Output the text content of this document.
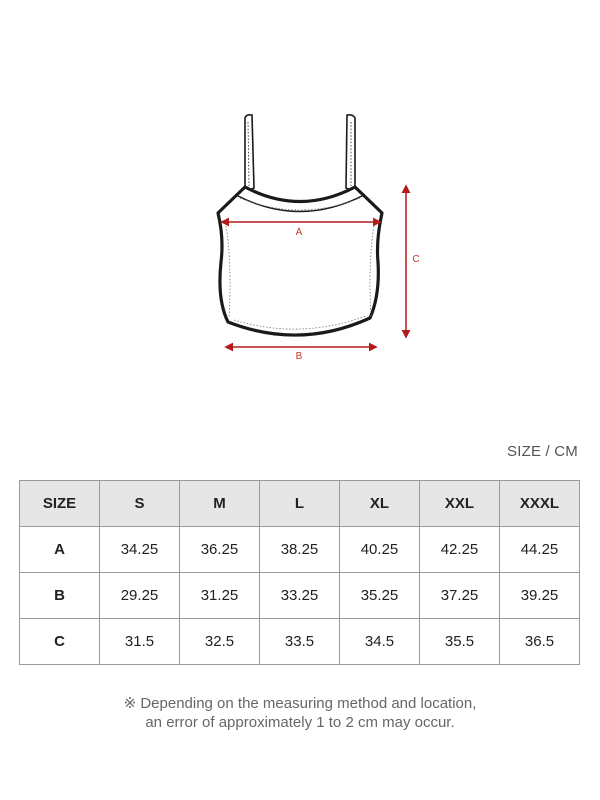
A
B
C
SIZE / CM
SIZE	S	M	L	XL	XXL	XXXL
A	34.25	36.25	38.25	40.25	42.25	44.25
B	29.25	31.25	33.25	35.25	37.25	39.25
C	31.5	32.5	33.5	34.5	35.5	36.5
※ Depending on the measuring method and location,
an error of approximately 1 to 2 cm may occur.
